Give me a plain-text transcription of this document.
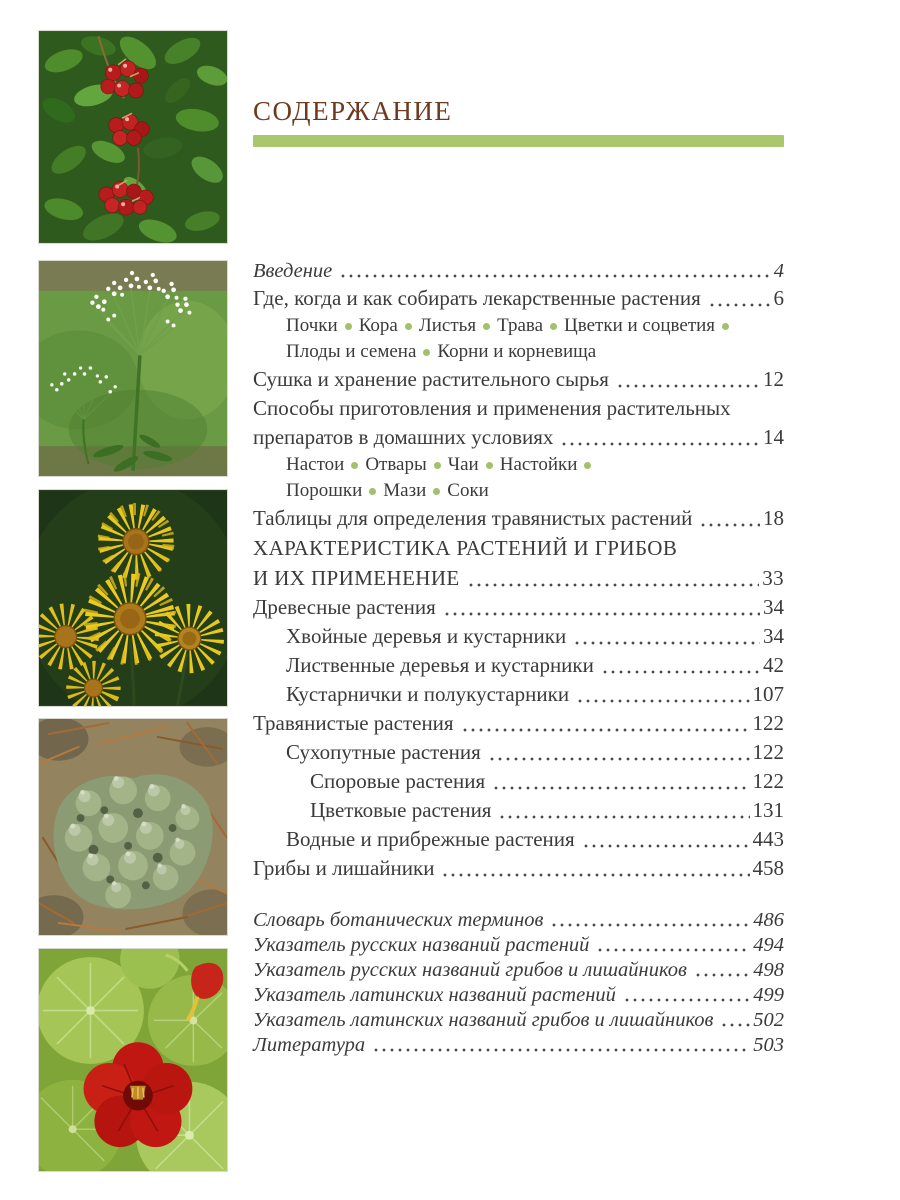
СОДЕРЖАНИЕ
Введение	4
Где, когда и как собирать лекарственные растения	6
Почки Кора Листья Трава Цветки и соцветия
Плоды и семена Корни и корневища
Сушка и хранение растительного сырья	12
Способы приготовления и применения растительных
препаратов в домашних условиях	14
Настои Отвары Чаи Настойки
Порошки Мази Соки
Таблицы для определения травянистых растений	18
ХАРАКТЕРИСТИКА РАСТЕНИЙ И ГРИБОВ
И ИХ ПРИМЕНЕНИЕ	33
Древесные растения	34
Хвойные деревья и кустарники	34
Лиственные деревья и кустарники	42
Кустарнички и полукустарники	107
Травянистые растения	122
Сухопутные растения	122
Споровые растения	122
Цветковые растения	131
Водные и прибрежные растения	443
Грибы и лишайники	458
Словарь ботанических терминов	486
Указатель русских названий растений	494
Указатель русских названий грибов и лишайников	498
Указатель латинских названий растений	499
Указатель латинских названий грибов и лишайников 502
Литература	503
